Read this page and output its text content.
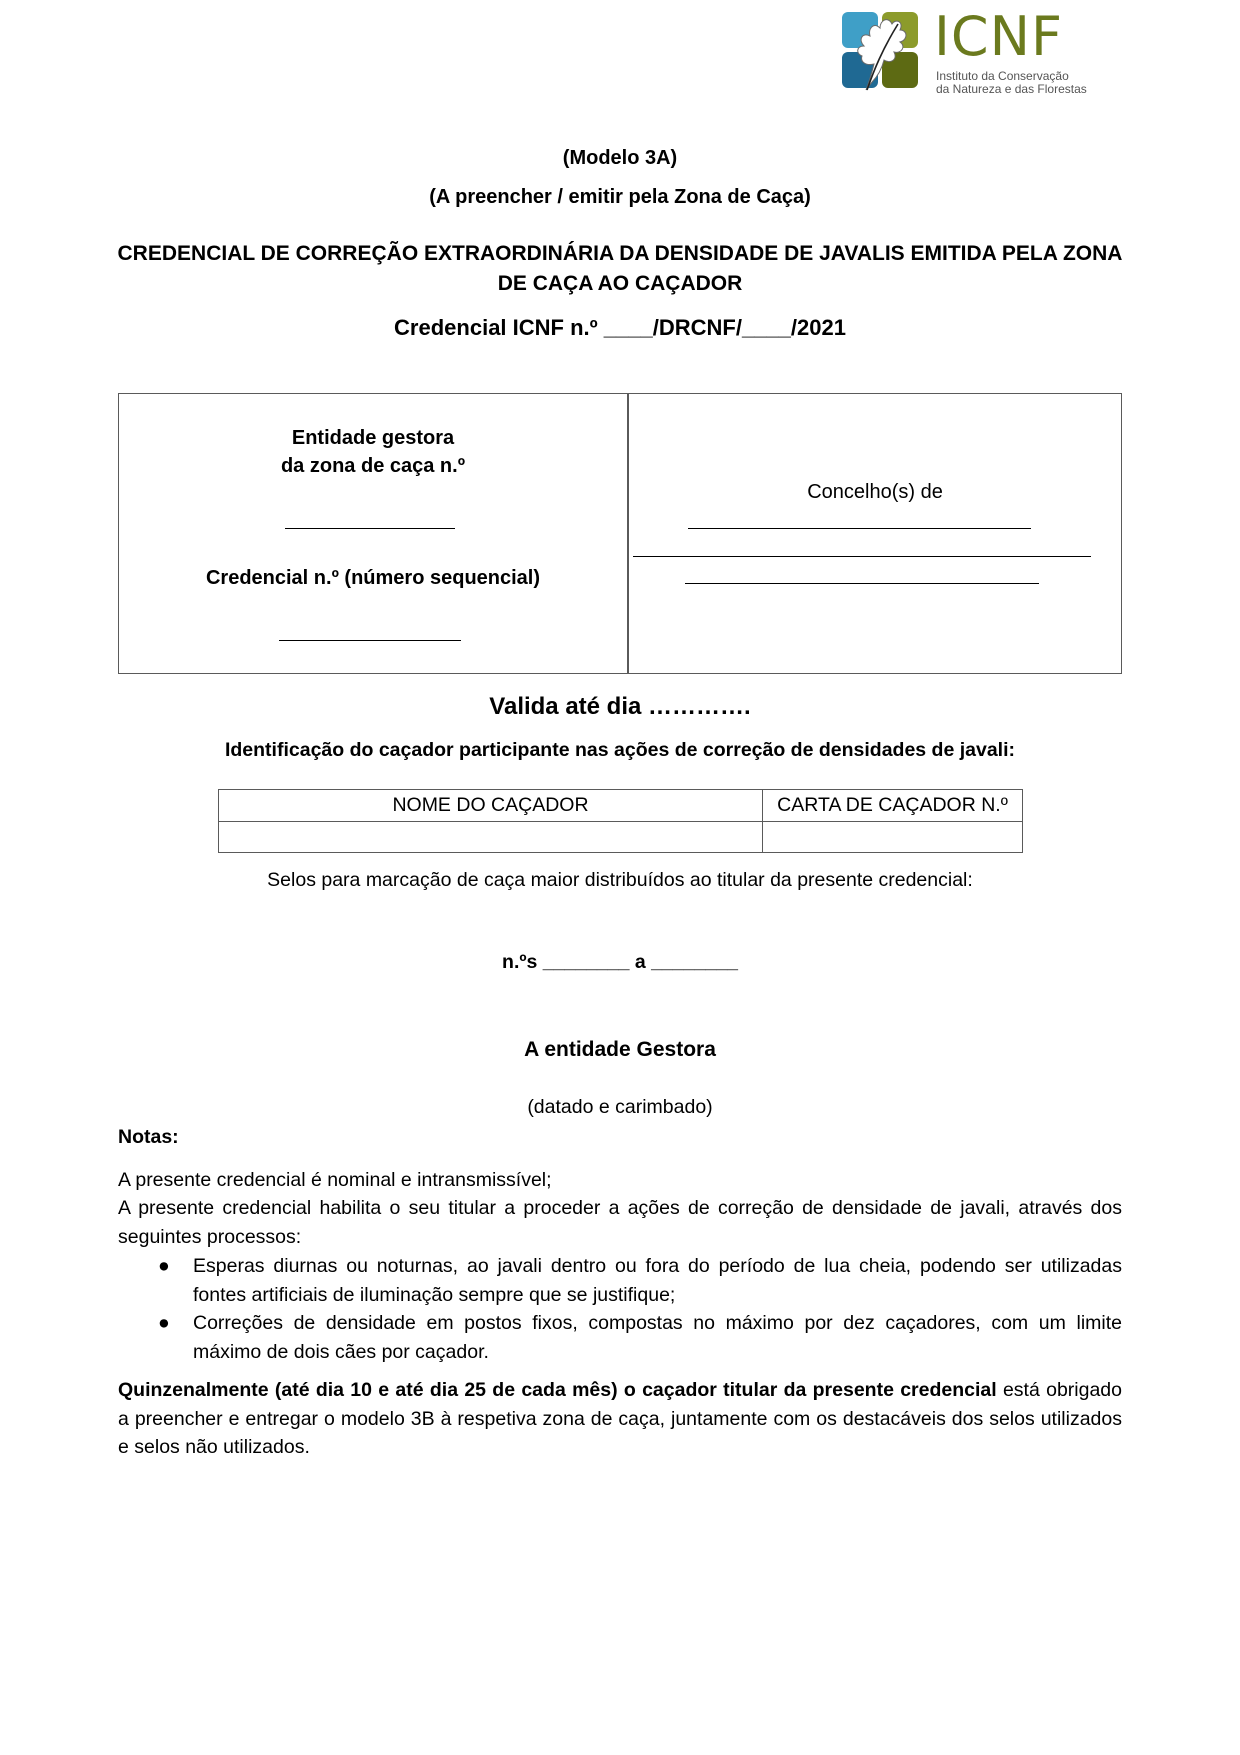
ICNF
Instituto da Conservação
da Natureza e das Florestas
(Modelo 3A)
(A preencher / emitir pela Zona de Caça)
CREDENCIAL DE CORREÇÃO EXTRAORDINÁRIA DA DENSIDADE DE JAVALIS EMITIDA PELA ZONA
DE CAÇA AO CAÇADOR
Credencial ICNF n.º ____/DRCNF/____/2021
Entidade gestora
da zona de caça n.º
Credencial n.º (número sequencial)
Concelho(s) de
Valida até dia ………….
Identificação do caçador participante nas ações de correção de densidades de javali:
NOME DO CAÇADOR	CARTA DE CAÇADOR N.º

Selos para marcação de caça maior distribuídos ao titular da presente credencial:
n.ºs ________ a ________
A entidade Gestora
(datado e carimbado)
Notas:
A presente credencial é nominal e intransmissível;
A presente credencial habilita o seu titular a proceder a ações de correção de densidade de javali, através dos seguintes processos:
● Esperas diurnas ou noturnas, ao javali dentro ou fora do período de lua cheia, podendo ser utilizadas fontes artificiais de iluminação sempre que se justifique;
● Correções de densidade em postos fixos, compostas no máximo por dez caçadores, com um limite máximo de dois cães por caçador.
Quinzenalmente (até dia 10 e até dia 25 de cada mês) o caçador titular da presente credencial está obrigado a preencher e entregar o modelo 3B à respetiva zona de caça, juntamente com os destacáveis dos selos utilizados e selos não utilizados.
